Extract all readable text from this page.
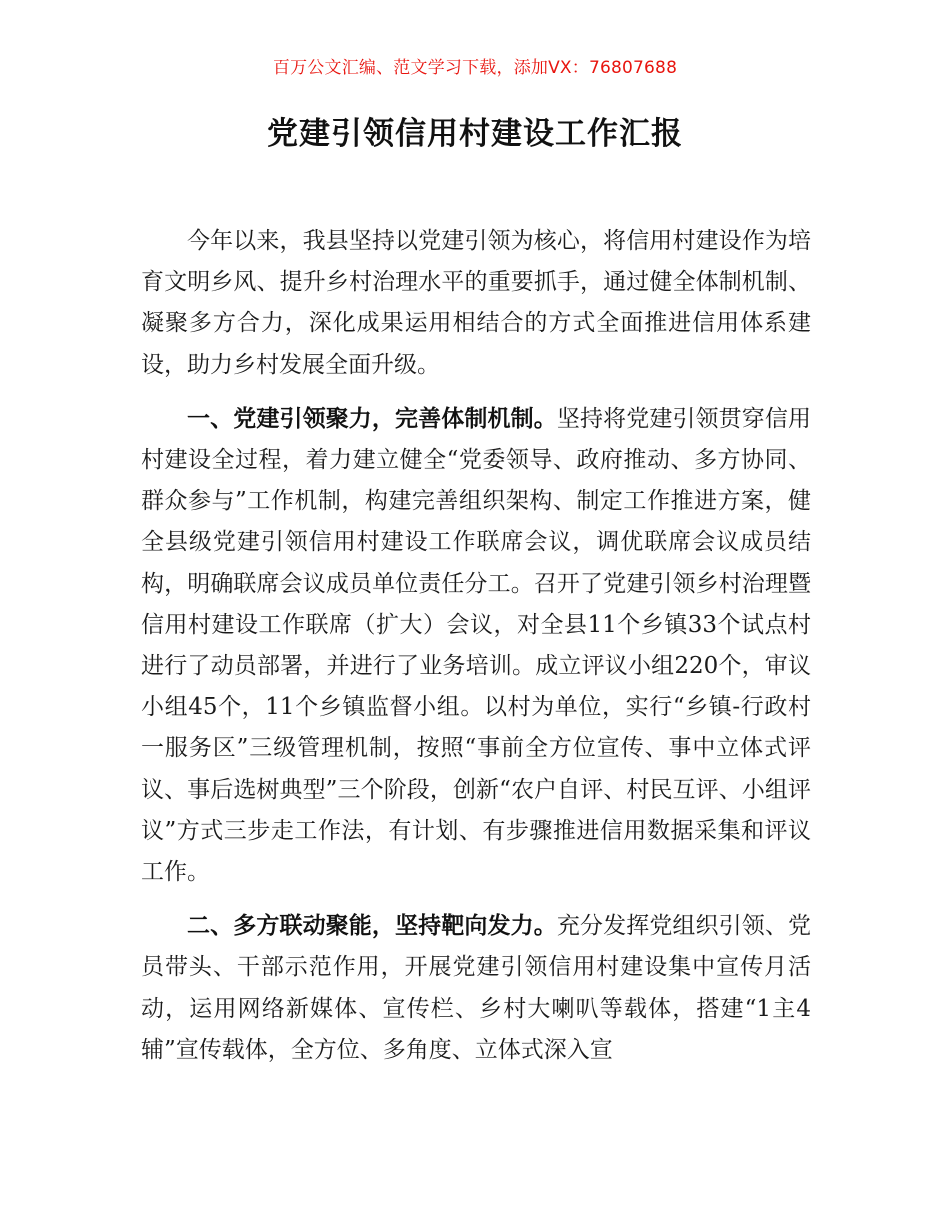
百万公文汇编、范文学习下载，添加VX：76807688
党建引领信用村建设工作汇报

今年以来，我县坚持以党建引领为核心，将信用村建设作为培育文明乡风、提升乡村治理水平的重要抓手，通过健全体制机制、凝聚多方合力，深化成果运用相结合的方式全面推进信用体系建设，助力乡村发展全面升级。

一、党建引领聚力，完善体制机制。坚持将党建引领贯穿信用村建设全过程，着力建立健全“党委领导、政府推动、多方协同、群众参与”工作机制，构建完善组织架构、制定工作推进方案，健全县级党建引领信用村建设工作联席会议，调优联席会议成员结构，明确联席会议成员单位责任分工。召开了党建引领乡村治理暨信用村建设工作联席（扩大）会议，对全县11个乡镇33个试点村进行了动员部署，并进行了业务培训。成立评议小组220个，审议小组45个，11个乡镇监督小组。以村为单位，实行“乡镇-行政村一服务区”三级管理机制，按照“事前全方位宣传、事中立体式评议、事后选树典型”三个阶段，创新“农户自评、村民互评、小组评议”方式三步走工作法，有计划、有步骤推进信用数据采集和评议工作。

二、多方联动聚能，坚持靶向发力。充分发挥党组织引领、党员带头、干部示范作用，开展党建引领信用村建设集中宣传月活动，运用网络新媒体、宣传栏、乡村大喇叭等载体，搭建“1主4辅”宣传载体，全方位、多角度、立体式深入宣
